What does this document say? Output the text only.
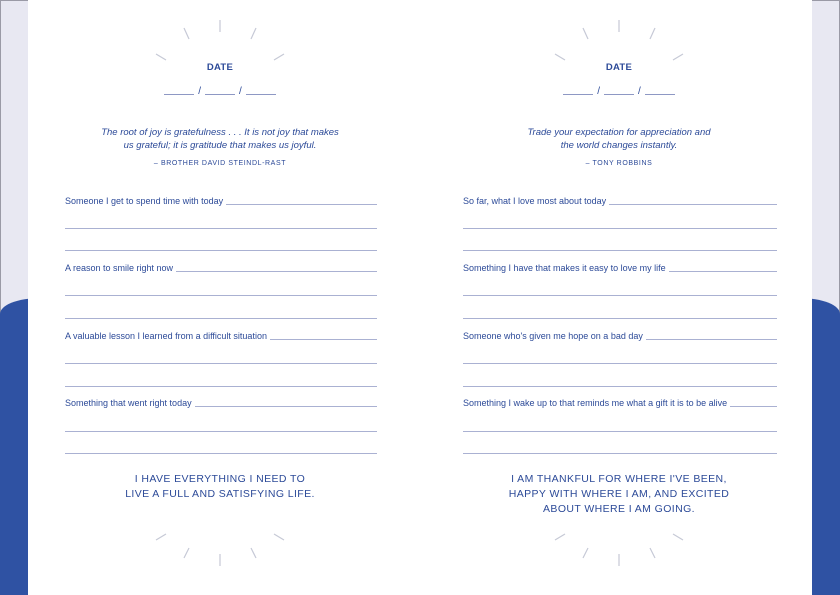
DATE
/	/
The root of joy is gratefulness . . . It is not joy that makes
us grateful; it is gratitude that makes us joyful.
– BROTHER DAVID STEINDL-RAST
Someone I get to spend time with today
A reason to smile right now
A valuable lesson I learned from a difficult situation
Something that went right today
I HAVE EVERYTHING I NEED TO
LIVE A FULL AND SATISFYING LIFE.
DATE
/	/
Trade your expectation for appreciation and
the world changes instantly.
– TONY ROBBINS
So far, what I love most about today
Something I have that makes it easy to love my life
Someone who's given me hope on a bad day
Something I wake up to that reminds me what a gift it is to be alive
I AM THANKFUL FOR WHERE I'VE BEEN,
HAPPY WITH WHERE I AM, AND EXCITED
ABOUT WHERE I AM GOING.
